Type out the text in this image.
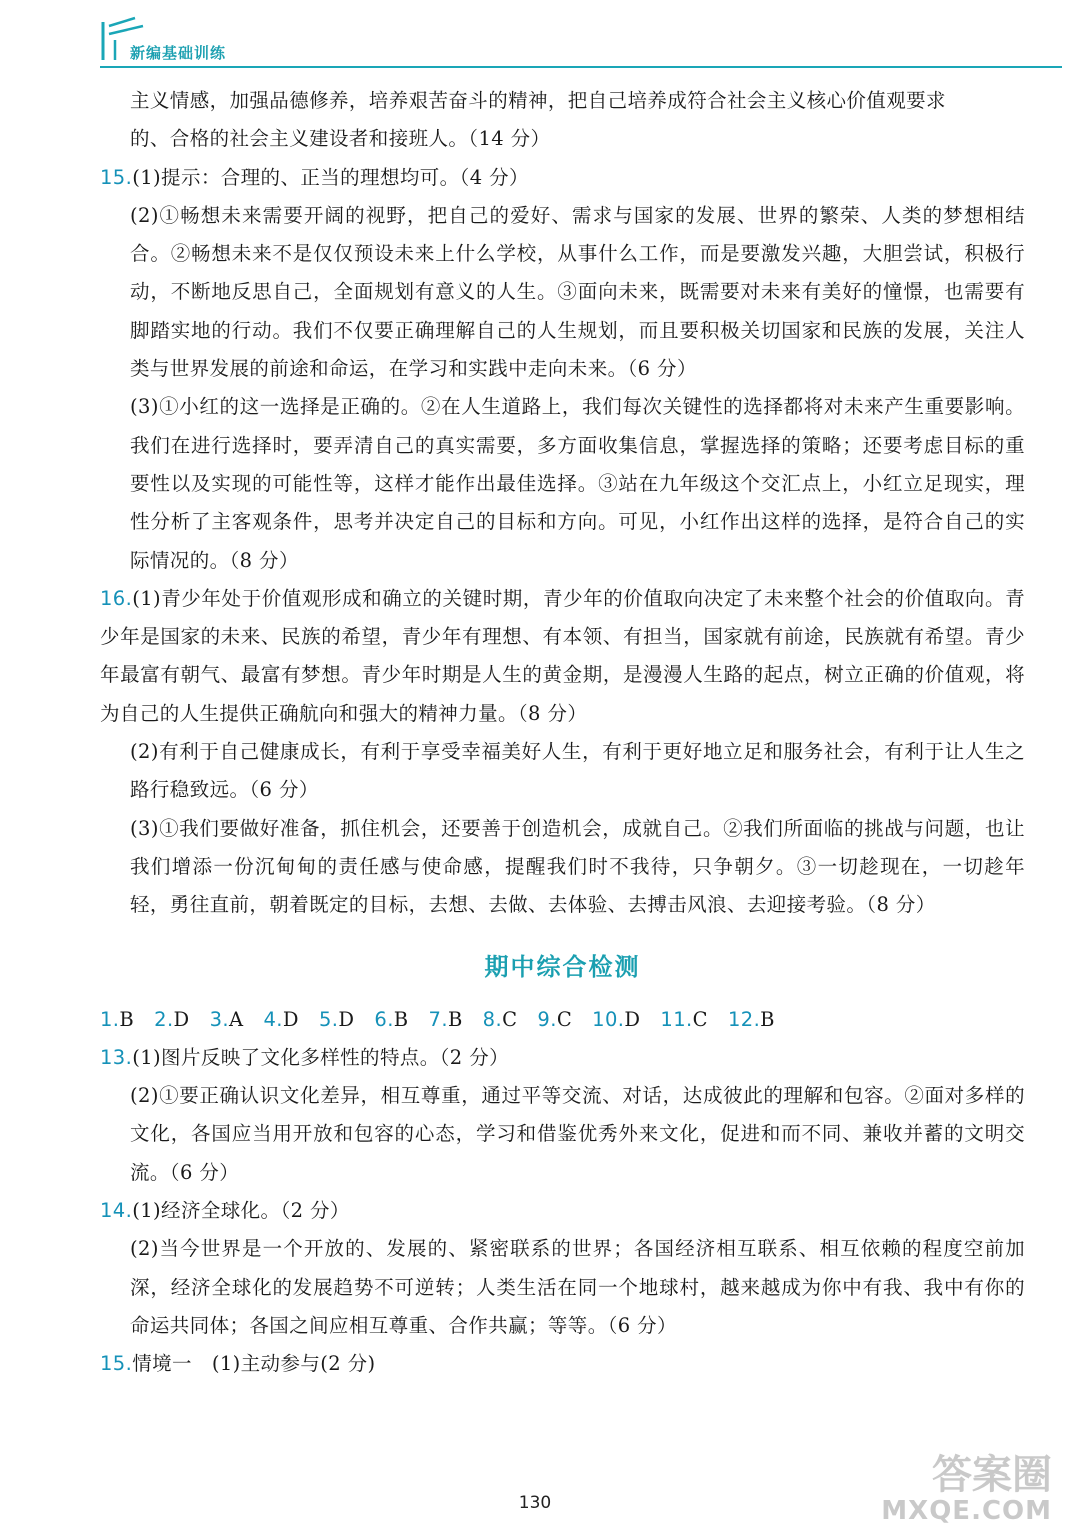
新编基础训练

主义情感，加强品德修养，培养艰苦奋斗的精神，把自己培养成符合社会主义核心价值观要求

的、合格的社会主义建设者和接班人。（14 分）

15.(1)提示：合理的、正当的理想均可。（4 分）

(2)①畅想未来需要开阔的视野，把自己的爱好、需求与国家的发展、世界的繁荣、人类的梦想相结合。②畅想未来不是仅仅预设未来上什么学校，从事什么工作，而是要激发兴趣，大胆尝试，积极行动，不断地反思自己，全面规划有意义的人生。③面向未来，既需要对未来有美好的憧憬，也需要有脚踏实地的行动。我们不仅要正确理解自己的人生规划，而且要积极关切国家和民族的发展，关注人类与世界发展的前途和命运，在学习和实践中走向未来。（6 分）

(3)①小红的这一选择是正确的。②在人生道路上，我们每次关键性的选择都将对未来产生重要影响。我们在进行选择时，要弄清自己的真实需要，多方面收集信息，掌握选择的策略；还要考虑目标的重要性以及实现的可能性等，这样才能作出最佳选择。③站在九年级这个交汇点上，小红立足现实，理性分析了主客观条件，思考并决定自己的目标和方向。可见，小红作出这样的选择，是符合自己的实际情况的。（8 分）

16.(1)青少年处于价值观形成和确立的关键时期，青少年的价值取向决定了未来整个社会的价值取向。青少年是国家的未来、民族的希望，青少年有理想、有本领、有担当，国家就有前途，民族就有希望。青少年最富有朝气、最富有梦想。青少年时期是人生的黄金期，是漫漫人生路的起点，树立正确的价值观，将为自己的人生提供正确航向和强大的精神力量。（8 分）

(2)有利于自己健康成长，有利于享受幸福美好人生，有利于更好地立足和服务社会，有利于让人生之路行稳致远。（6 分）

(3)①我们要做好准备，抓住机会，还要善于创造机会，成就自己。②我们所面临的挑战与问题，也让我们增添一份沉甸甸的责任感与使命感，提醒我们时不我待，只争朝夕。③一切趁现在，一切趁年轻，勇往直前，朝着既定的目标，去想、去做、去体验、去搏击风浪、去迎接考验。（8 分）

期中综合检测
1.B 2.D 3.A 4.D 5.D 6.B 7.B 8.C 9.C 10.D 11.C 12.B

13.(1)图片反映了文化多样性的特点。（2 分）

(2)①要正确认识文化差异，相互尊重，通过平等交流、对话，达成彼此的理解和包容。②面对多样的文化，各国应当用开放和包容的心态，学习和借鉴优秀外来文化，促进和而不同、兼收并蓄的文明交流。（6 分）

14.(1)经济全球化。（2 分）

(2)当今世界是一个开放的、发展的、紧密联系的世界；各国经济相互联系、相互依赖的程度空前加深，经济全球化的发展趋势不可逆转；人类生活在同一个地球村，越来越成为你中有我、我中有你的命运共同体；各国之间应相互尊重、合作共赢；等等。（6 分）

15.情境一　(1)主动参与(2 分)

130
答案圈
MXQE.COM
